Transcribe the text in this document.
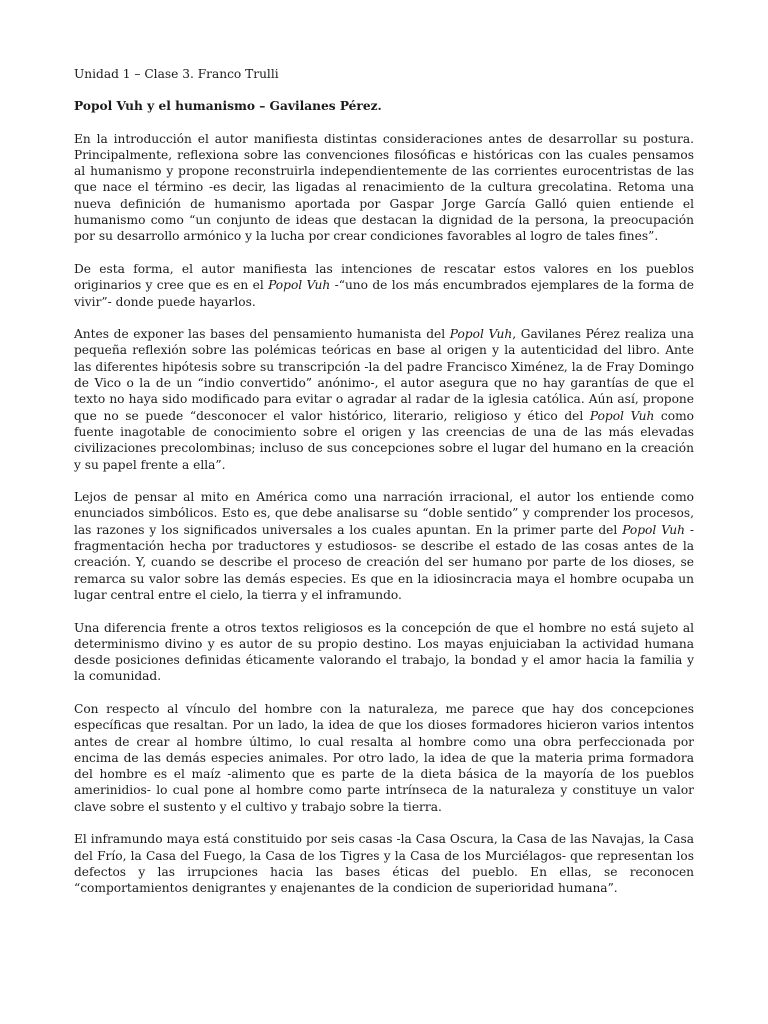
Unidad 1 – Clase 3. Franco Trulli

Popol Vuh y el humanismo – Gavilanes Pérez.

En la introducción el autor manifiesta distintas consideraciones antes de desarrollar su postura. Principalmente, reflexiona sobre las convenciones filosóficas e históricas con las cuales pensamos al humanismo y propone reconstruirla independientemente de las corrientes eurocentristas de las que nace el término -es decir, las ligadas al renacimiento de la cultura grecolatina. Retoma una nueva definición de humanismo aportada por Gaspar Jorge García Galló quien entiende el humanismo como “un conjunto de ideas que destacan la dignidad de la persona, la preocupación por su desarrollo armónico y la lucha por crear condiciones favorables al logro de tales fines”.

De esta forma, el autor manifiesta las intenciones de rescatar estos valores en los pueblos originarios y cree que es en el Popol Vuh -“uno de los más encumbrados ejemplares de la forma de vivir”- donde puede hayarlos.

Antes de exponer las bases del pensamiento humanista del Popol Vuh, Gavilanes Pérez realiza una pequeña reflexión sobre las polémicas teóricas en base al origen y la autenticidad del libro. Ante las diferentes hipótesis sobre su transcripción -la del padre Francisco Ximénez, la de Fray Domingo de Vico o la de un “indio convertido” anónimo-, el autor asegura que no hay garantías de que el texto no haya sido modificado para evitar o agradar al radar de la iglesia católica. Aún así, propone que no se puede “desconocer el valor histórico, literario, religioso y ético del Popol Vuh como fuente inagotable de conocimiento sobre el origen y las creencias de una de las más elevadas civilizaciones precolombinas; incluso de sus concepciones sobre el lugar del humano en la creación y su papel frente a ella”.

Lejos de pensar al mito en América como una narración irracional, el autor los entiende como enunciados simbólicos. Esto es, que debe analisarse su “doble sentido” y comprender los procesos, las razones y los significados universales a los cuales apuntan. En la primer parte del Popol Vuh -fragmentación hecha por traductores y estudiosos- se describe el estado de las cosas antes de la creación. Y, cuando se describe el proceso de creación del ser humano por parte de los dioses, se remarca su valor sobre las demás especies. Es que en la idiosincracia maya el hombre ocupaba un lugar central entre el cielo, la tierra y el inframundo.

Una diferencia frente a otros textos religiosos es la concepción de que el hombre no está sujeto al determinismo divino y es autor de su propio destino. Los mayas enjuiciaban la actividad humana desde posiciones definidas éticamente valorando el trabajo, la bondad y el amor hacia la familia y la comunidad.

Con respecto al vínculo del hombre con la naturaleza, me parece que hay dos concepciones específicas que resaltan. Por un lado, la idea de que los dioses formadores hicieron varios intentos antes de crear al hombre último, lo cual resalta al hombre como una obra perfeccionada por encima de las demás especies animales. Por otro lado, la idea de que la materia prima formadora del hombre es el maíz -alimento que es parte de la dieta básica de la mayoría de los pueblos amerinidios- lo cual pone al hombre como parte intrínseca de la naturaleza y constituye un valor clave sobre el sustento y el cultivo y trabajo sobre la tierra.

El inframundo maya está constituido por seis casas -la Casa Oscura, la Casa de las Navajas, la Casa del Frío, la Casa del Fuego, la Casa de los Tigres y la Casa de los Murciélagos- que representan los defectos y las irrupciones hacia las bases éticas del pueblo. En ellas, se reconocen “comportamientos denigrantes y enajenantes de la condicion de superioridad humana”.
